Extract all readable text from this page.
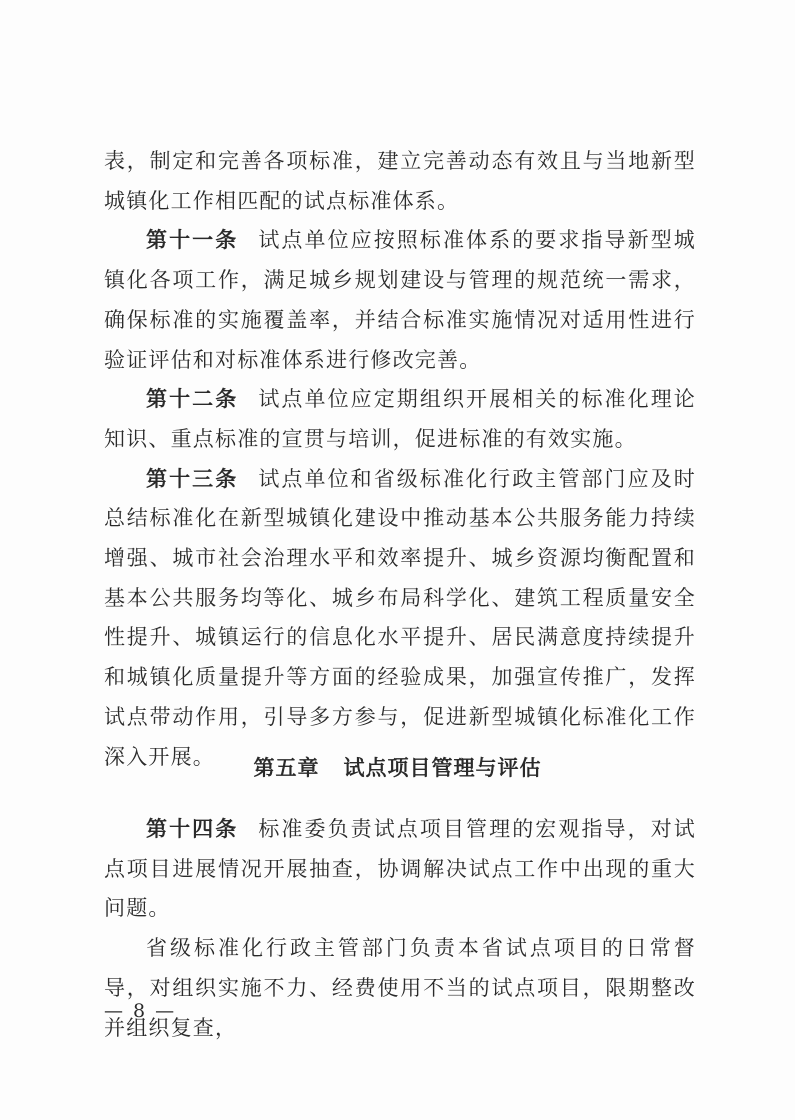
表，制定和完善各项标准，建立完善动态有效且与当地新型城镇化工作相匹配的试点标准体系。

第十一条 试点单位应按照标准体系的要求指导新型城镇化各项工作，满足城乡规划建设与管理的规范统一需求，确保标准的实施覆盖率，并结合标准实施情况对适用性进行验证评估和对标准体系进行修改完善。

第十二条 试点单位应定期组织开展相关的标准化理论知识、重点标准的宣贯与培训，促进标准的有效实施。

第十三条 试点单位和省级标准化行政主管部门应及时总结标准化在新型城镇化建设中推动基本公共服务能力持续增强、城市社会治理水平和效率提升、城乡资源均衡配置和基本公共服务均等化、城乡布局科学化、建筑工程质量安全性提升、城镇运行的信息化水平提升、居民满意度持续提升和城镇化质量提升等方面的经验成果，加强宣传推广，发挥试点带动作用，引导多方参与，促进新型城镇化标准化工作深入开展。	第五章 试点项目管理与评估

第十四条 标准委负责试点项目管理的宏观指导，对试点项目进展情况开展抽查，协调解决试点工作中出现的重大问题。

省级标准化行政主管部门负责本省试点项目的日常督导，对组织实施不力、经费使用不当的试点项目，限期整改并组织复查，

— 8 —
